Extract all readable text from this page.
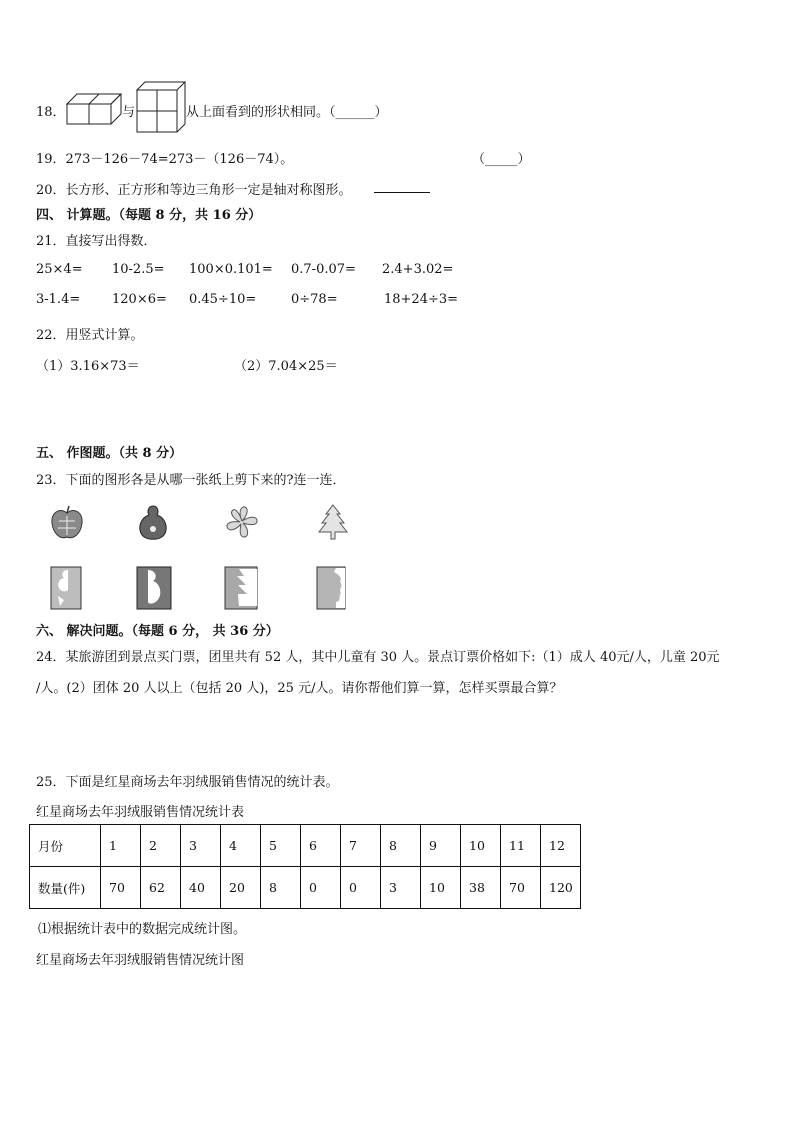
18．	与	从上面看到的形状相同。（______）
19．273－126－74=273－（126－74）。	（_____）
20．长方形、正方形和等边三角形一定是轴对称图形。
四、 计算题。（每题 8 分，共 16 分）
21．直接写出得数．
25×4= 10-2.5= 100×0.101= 0.7-0.07= 2.4+3.02=
3-1.4= 120×6= 0.45÷10=	0÷78=	18+24÷3=
22．用竖式计算。
（1）3.16×73＝	（2）7.04×25＝
五、 作图题。（共 8 分）
23．下面的图形各是从哪一张纸上剪下来的?连一连．
六、 解决问题。（每题 6 分， 共 36 分）
24．某旅游团到景点买门票，团里共有 52 人，其中儿童有 30 人。景点订票价格如下:（1）成人 40元/人，儿童 20元
/人。(2）团体 20 人以上（包括 20 人)，25 元/人。请你帮他们算一算，怎样买票最合算？
25．下面是红星商场去年羽绒服销售情况的统计表。
红星商场去年羽绒服销售情况统计表
月份	1	2	3	4	5	6	7	8	9	10	11	12
数量(件)	70	62	40	20	8	0	0	3	10	38	70	120
⑴根据统计表中的数据完成统计图。
红星商场去年羽绒服销售情况统计图
